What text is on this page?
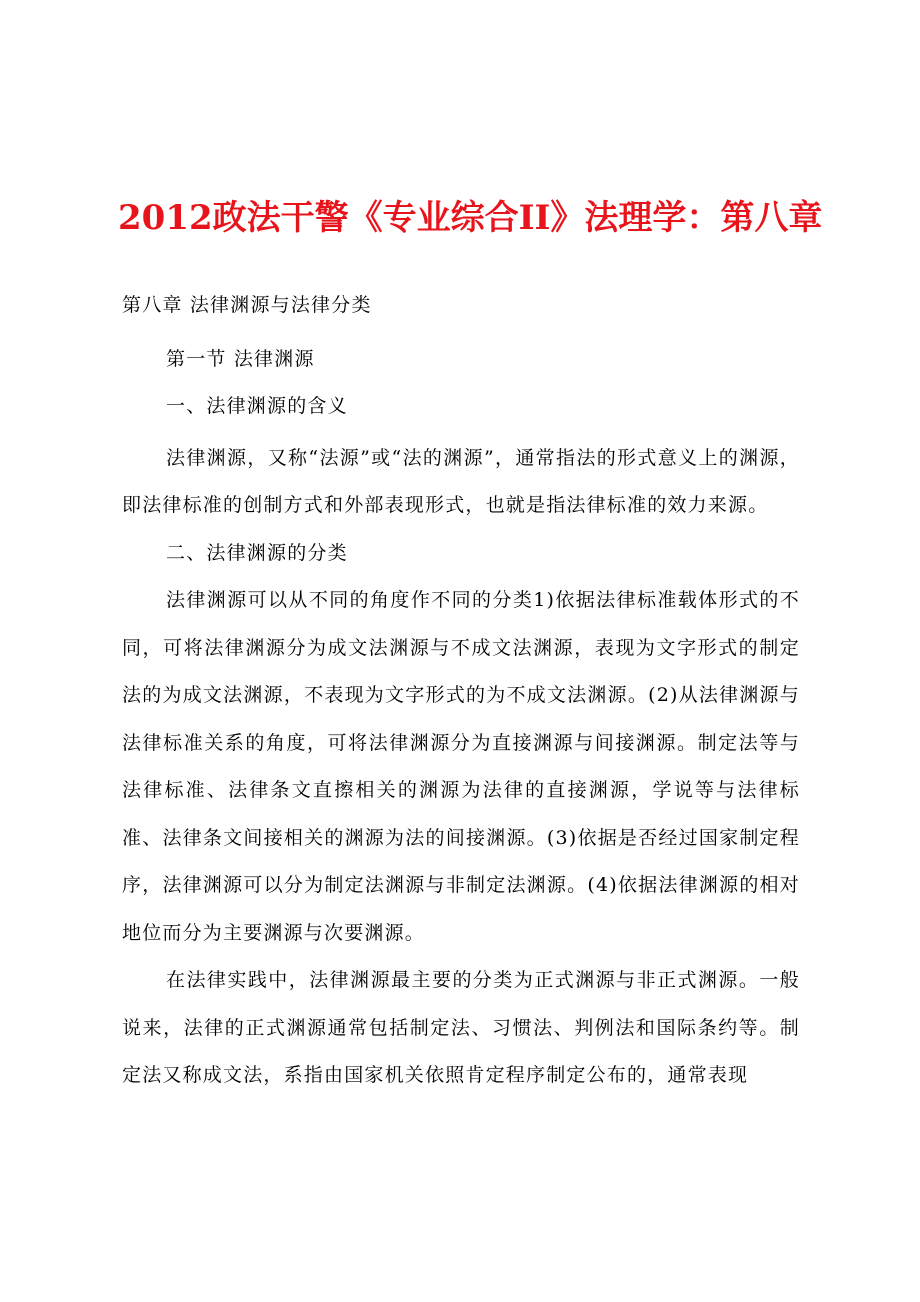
2012政法干警《专业综合II》法理学：第八章

第八章 法律渊源与法律分类

第一节 法律渊源

一、法律渊源的含义

法律渊源，又称“法源”或“法的渊源”，通常指法的形式意义上的渊源，即法律标准的创制方式和外部表现形式，也就是指法律标准的效力来源。

二、法律渊源的分类

法律渊源可以从不同的角度作不同的分类1)依据法律标准载体形式的不同，可将法律渊源分为成文法渊源与不成文法渊源，表现为文字形式的制定法的为成文法渊源，不表现为文字形式的为不成文法渊源。(2)从法律渊源与法律标准关系的角度，可将法律渊源分为直接渊源与间接渊源。制定法等与法律标准、法律条文直擦相关的渊源为法律的直接渊源，学说等与法律标准、法律条文间接相关的渊源为法的间接渊源。(3)依据是否经过国家制定程序，法律渊源可以分为制定法渊源与非制定法渊源。(4)依据法律渊源的相对地位而分为主要渊源与次要渊源。

在法律实践中，法律渊源最主要的分类为正式渊源与非正式渊源。一般说来，法律的正式渊源通常包括制定法、习惯法、判例法和国际条约等。制定法又称成文法，系指由国家机关依照肯定程序制定公布的，通常表现
